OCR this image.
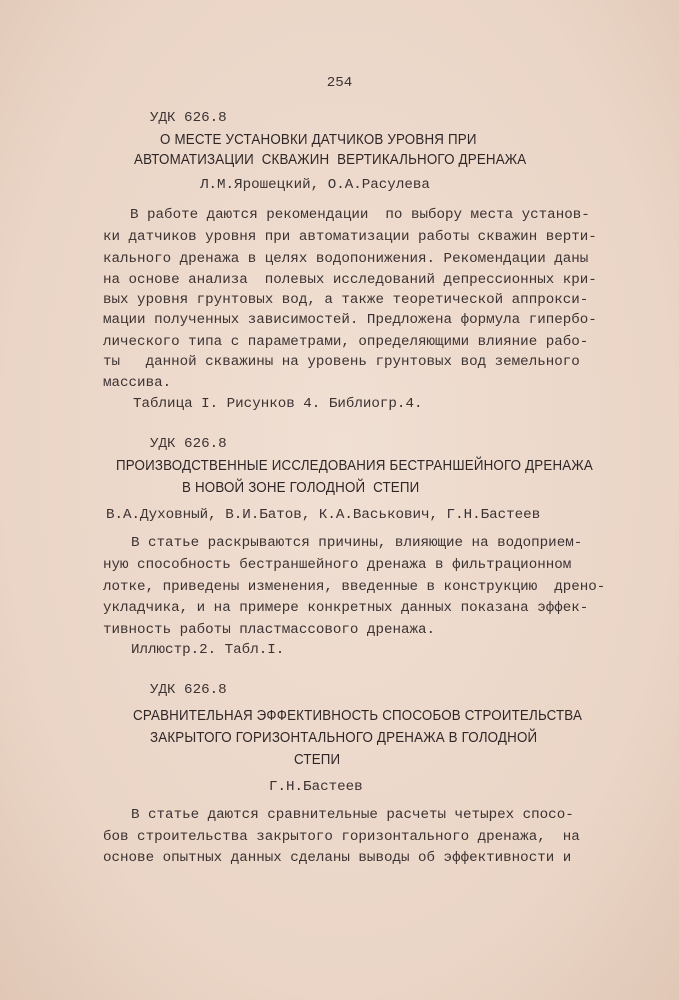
254
УДК 626.8
О МЕСТЕ УСТАНОВКИ ДАТЧИКОВ УРОВНЯ ПРИ
АВТОМАТИЗАЦИИ  СКВАЖИН  ВЕРТИКАЛЬНОГО ДРЕНАЖА
Л.М.Ярошецкий, О.А.Расулева
В работе даются рекомендации  по выбору места установ-
ки датчиков уровня при автоматизации работы скважин верти-
кального дренажа в целях водопонижения. Рекомендации даны
на основе анализа  полевых исследований депрессионных кри-
вых уровня грунтовых вод, а также теоретической аппрокси-
мации полученных зависимостей. Предложена формула гипербо-
лического типа с параметрами, определяющими влияние рабо-
ты   данной скважины на уровень грунтовых вод земельного
массива.
Таблица I. Рисунков 4. Библиогр.4.
УДК 626.8
ПРОИЗВОДСТВЕННЫЕ ИССЛЕДОВАНИЯ БЕСТРАНШЕЙНОГО ДРЕНАЖА
В НОВОЙ ЗОНЕ ГОЛОДНОЙ  СТЕПИ
В.А.Духовный, В.И.Батов, К.А.Васькович, Г.Н.Бастеев
В статье раскрываются причины, влияющие на водоприем-
ную способность бестраншейного дренажа в фильтрационном
лотке, приведены изменения, введенные в конструкцию  дрено-
укладчика, и на примере конкретных данных показана эффек-
тивность работы пластмассового дренажа.
Иллюстр.2. Табл.I.
УДК 626.8
СРАВНИТЕЛЬНАЯ ЭФФЕКТИВНОСТЬ СПОСОБОВ СТРОИТЕЛЬСТВА
ЗАКРЫТОГО ГОРИЗОНТАЛЬНОГО ДРЕНАЖА В ГОЛОДНОЙ
СТЕПИ
Г.Н.Бастеев
В статье даются сравнительные расчеты четырех спосо-
бов строительства закрытого горизонтального дренажа,  на
основе опытных данных сделаны выводы об эффективности и
